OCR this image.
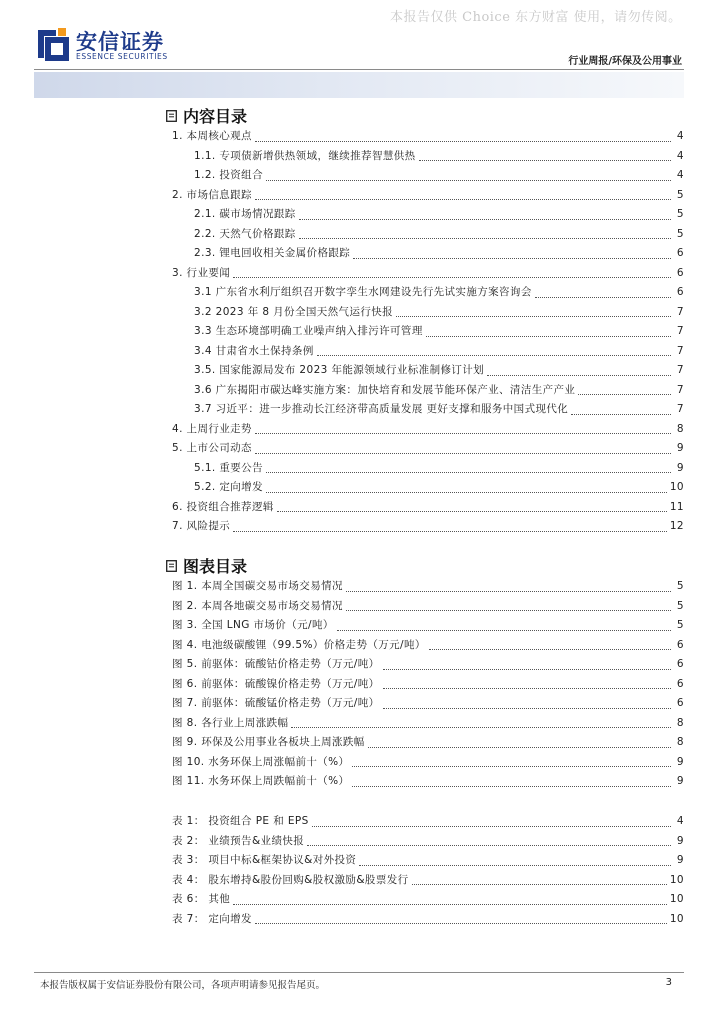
本报告仅供 Choice 东方财富 使用，请勿传阅。
安信证券
ESSENCE SECURITIES	行业周报/环保及公用事业
内容目录
1. 本周核心观点	4
1.1. 专项债新增供热领域，继续推荐智慧供热	4
1.2. 投资组合	4
2. 市场信息跟踪	5
2.1. 碳市场情况跟踪	5
2.2. 天然气价格跟踪	5
2.3. 锂电回收相关金属价格跟踪	6
3. 行业要闻	6
3.1 广东省水利厅组织召开数字孪生水网建设先行先试实施方案咨询会	6
3.2 2023 年 8 月份全国天然气运行快报	7
3.3 生态环境部明确工业噪声纳入排污许可管理	7
3.4 甘肃省水土保持条例	7
3.5. 国家能源局发布 2023 年能源领域行业标准制修订计划	7
3.6 广东揭阳市碳达峰实施方案：加快培育和发展节能环保产业、清洁生产产业	7
3.7 习近平：进一步推动长江经济带高质量发展 更好支撑和服务中国式现代化	7
4. 上周行业走势	8
5. 上市公司动态	9
5.1. 重要公告	9
5.2. 定向增发	10
6. 投资组合推荐逻辑	11
7. 风险提示	12
图表目录
图 1. 本周全国碳交易市场交易情况	5
图 2. 本周各地碳交易市场交易情况	5
图 3. 全国 LNG 市场价（元/吨）	5
图 4. 电池级碳酸锂（99.5%）价格走势（万元/吨）	6
图 5. 前驱体：硫酸钴价格走势（万元/吨）	6
图 6. 前驱体：硫酸镍价格走势（万元/吨）	6
图 7. 前驱体：硫酸锰价格走势（万元/吨）	6
图 8. 各行业上周涨跌幅	8
图 9. 环保及公用事业各板块上周涨跌幅	8
图 10. 水务环保上周涨幅前十（%）	9
图 11. 水务环保上周跌幅前十（%）	9
表 1： 投资组合 PE 和 EPS	4
表 2： 业绩预告&业绩快报	9
表 3： 项目中标&框架协议&对外投资	9
表 4： 股东增持&股份回购&股权激励&股票发行	10
表 6： 其他	10
表 7： 定向增发	10
本报告版权属于安信证券股份有限公司，各项声明请参见报告尾页。	3
